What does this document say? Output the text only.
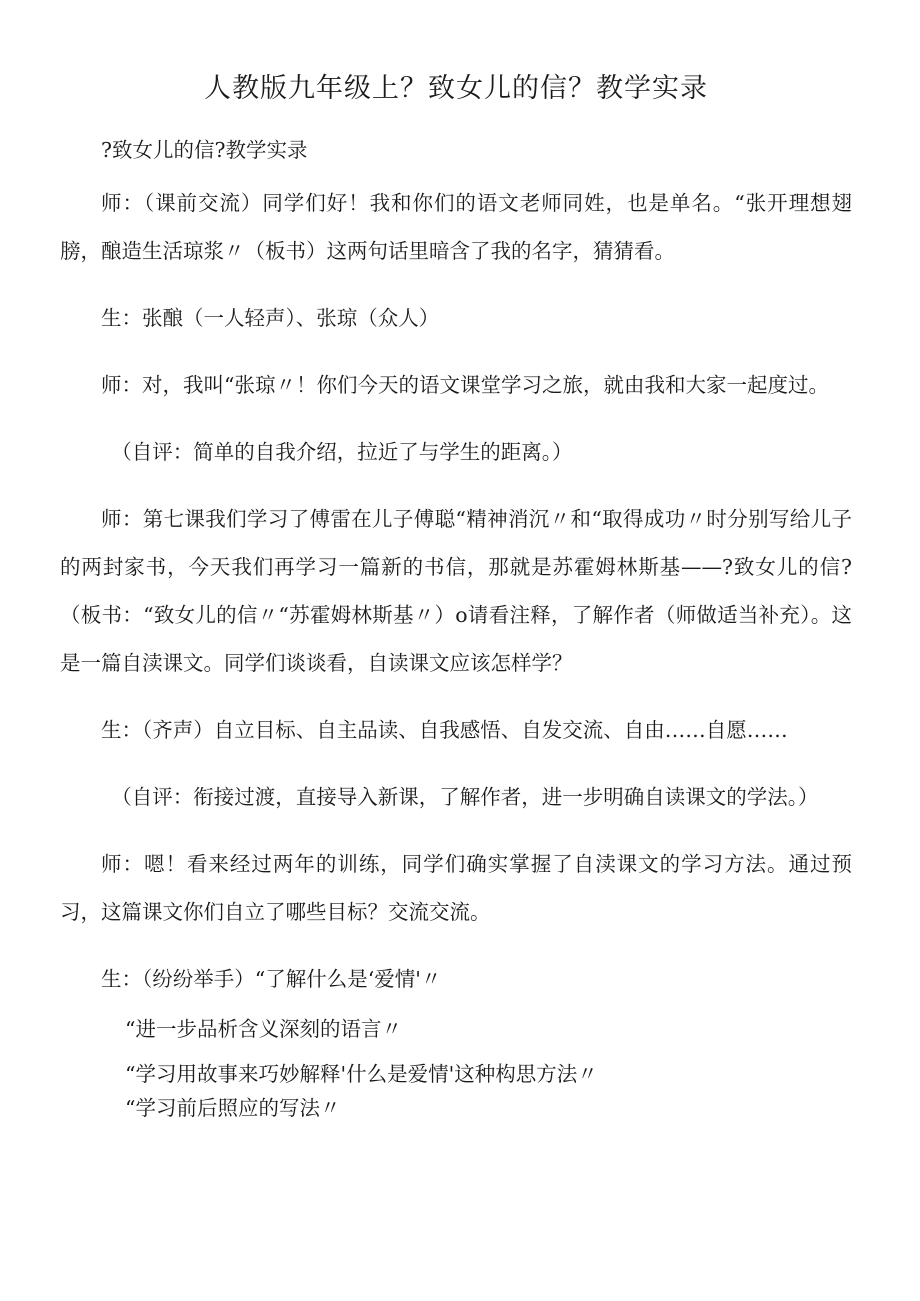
人教版九年级上？致女儿的信？教学实录

?致女儿的信?教学实录

师：（课前交流）同学们好！我和你们的语文老师同姓，也是单名。“张开理想翅膀，酿造生活琼浆〃（板书）这两句话里暗含了我的名字，猜猜看。

生：张酿（一人轻声）、张琼（众人）

师：对，我叫“张琼〃！你们今天的语文课堂学习之旅，就由我和大家一起度过。

（自评：简单的自我介绍，拉近了与学生的距离。）

师：第七课我们学习了傅雷在儿子傅聪“精神消沉〃和“取得成功〃时分别写给儿子的两封家书，今天我们再学习一篇新的书信，那就是苏霍姆林斯基——?致女儿的信?（板书：“致女儿的信〃“苏霍姆林斯基〃）o请看注释，了解作者（师做适当补充）。这是一篇自渎课文。同学们谈谈看，自读课文应该怎样学？

生：（齐声）自立目标、自主品读、自我感悟、自发交流、自由……自愿……

（自评：衔接过渡，直接导入新课，了解作者，进一步明确自读课文的学法。）

师：嗯！看来经过两年的训练，同学们确实掌握了自渎课文的学习方法。通过预习，这篇课文你们自立了哪些目标？交流交流。

生：（纷纷举手）“了解什么是‘爱情'〃

“进一步品析含义深刻的语言〃

“学习用故事来巧妙解释'什么是爱情'这种构思方法〃

“学习前后照应的写法〃
